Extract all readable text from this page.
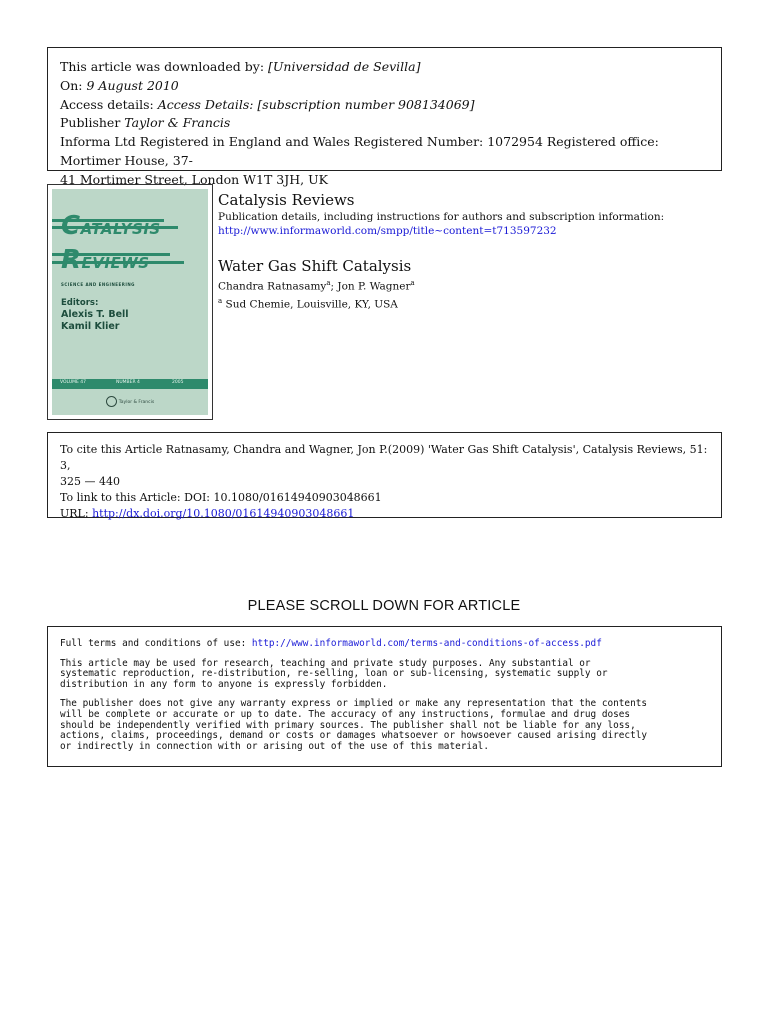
This article was downloaded by: [Universidad de Sevilla]
On: 9 August 2010
Access details: Access Details: [subscription number 908134069]
Publisher Taylor & Francis
Informa Ltd Registered in England and Wales Registered Number: 1072954 Registered office: Mortimer House, 37-
41 Mortimer Street, London W1T 3JH, UK
CATALYSIS
REVIEWS
SCIENCE AND ENGINEERING
Editors:
Alexis T. Bell
Kamil Klier
VOLUME 47	NUMBER 4	2005
Taylor & Francis
Catalysis Reviews
Publication details, including instructions for authors and subscription information:
http://www.informaworld.com/smpp/title~content=t713597232
Water Gas Shift Catalysis
Chandra Ratnasamy$^a$; Jon P. Wagner$^a$
$^a$ Sud Chemie, Louisville, KY, USA
To cite this Article Ratnasamy, Chandra and Wagner, Jon P.(2009) 'Water Gas Shift Catalysis', Catalysis Reviews, 51: 3,
325 — 440
To link to this Article: DOI: 10.1080/01614940903048661
URL: http://dx.doi.org/10.1080/01614940903048661
PLEASE SCROLL DOWN FOR ARTICLE

Full terms and conditions of use: http://www.informaworld.com/terms-and-conditions-of-access.pdf

This article may be used for research, teaching and private study purposes. Any substantial or
systematic reproduction, re-distribution, re-selling, loan or sub-licensing, systematic supply or
distribution in any form to anyone is expressly forbidden.

The publisher does not give any warranty express or implied or make any representation that the contents
will be complete or accurate or up to date. The accuracy of any instructions, formulae and drug doses
should be independently verified with primary sources. The publisher shall not be liable for any loss,
actions, claims, proceedings, demand or costs or damages whatsoever or howsoever caused arising directly
or indirectly in connection with or arising out of the use of this material.
